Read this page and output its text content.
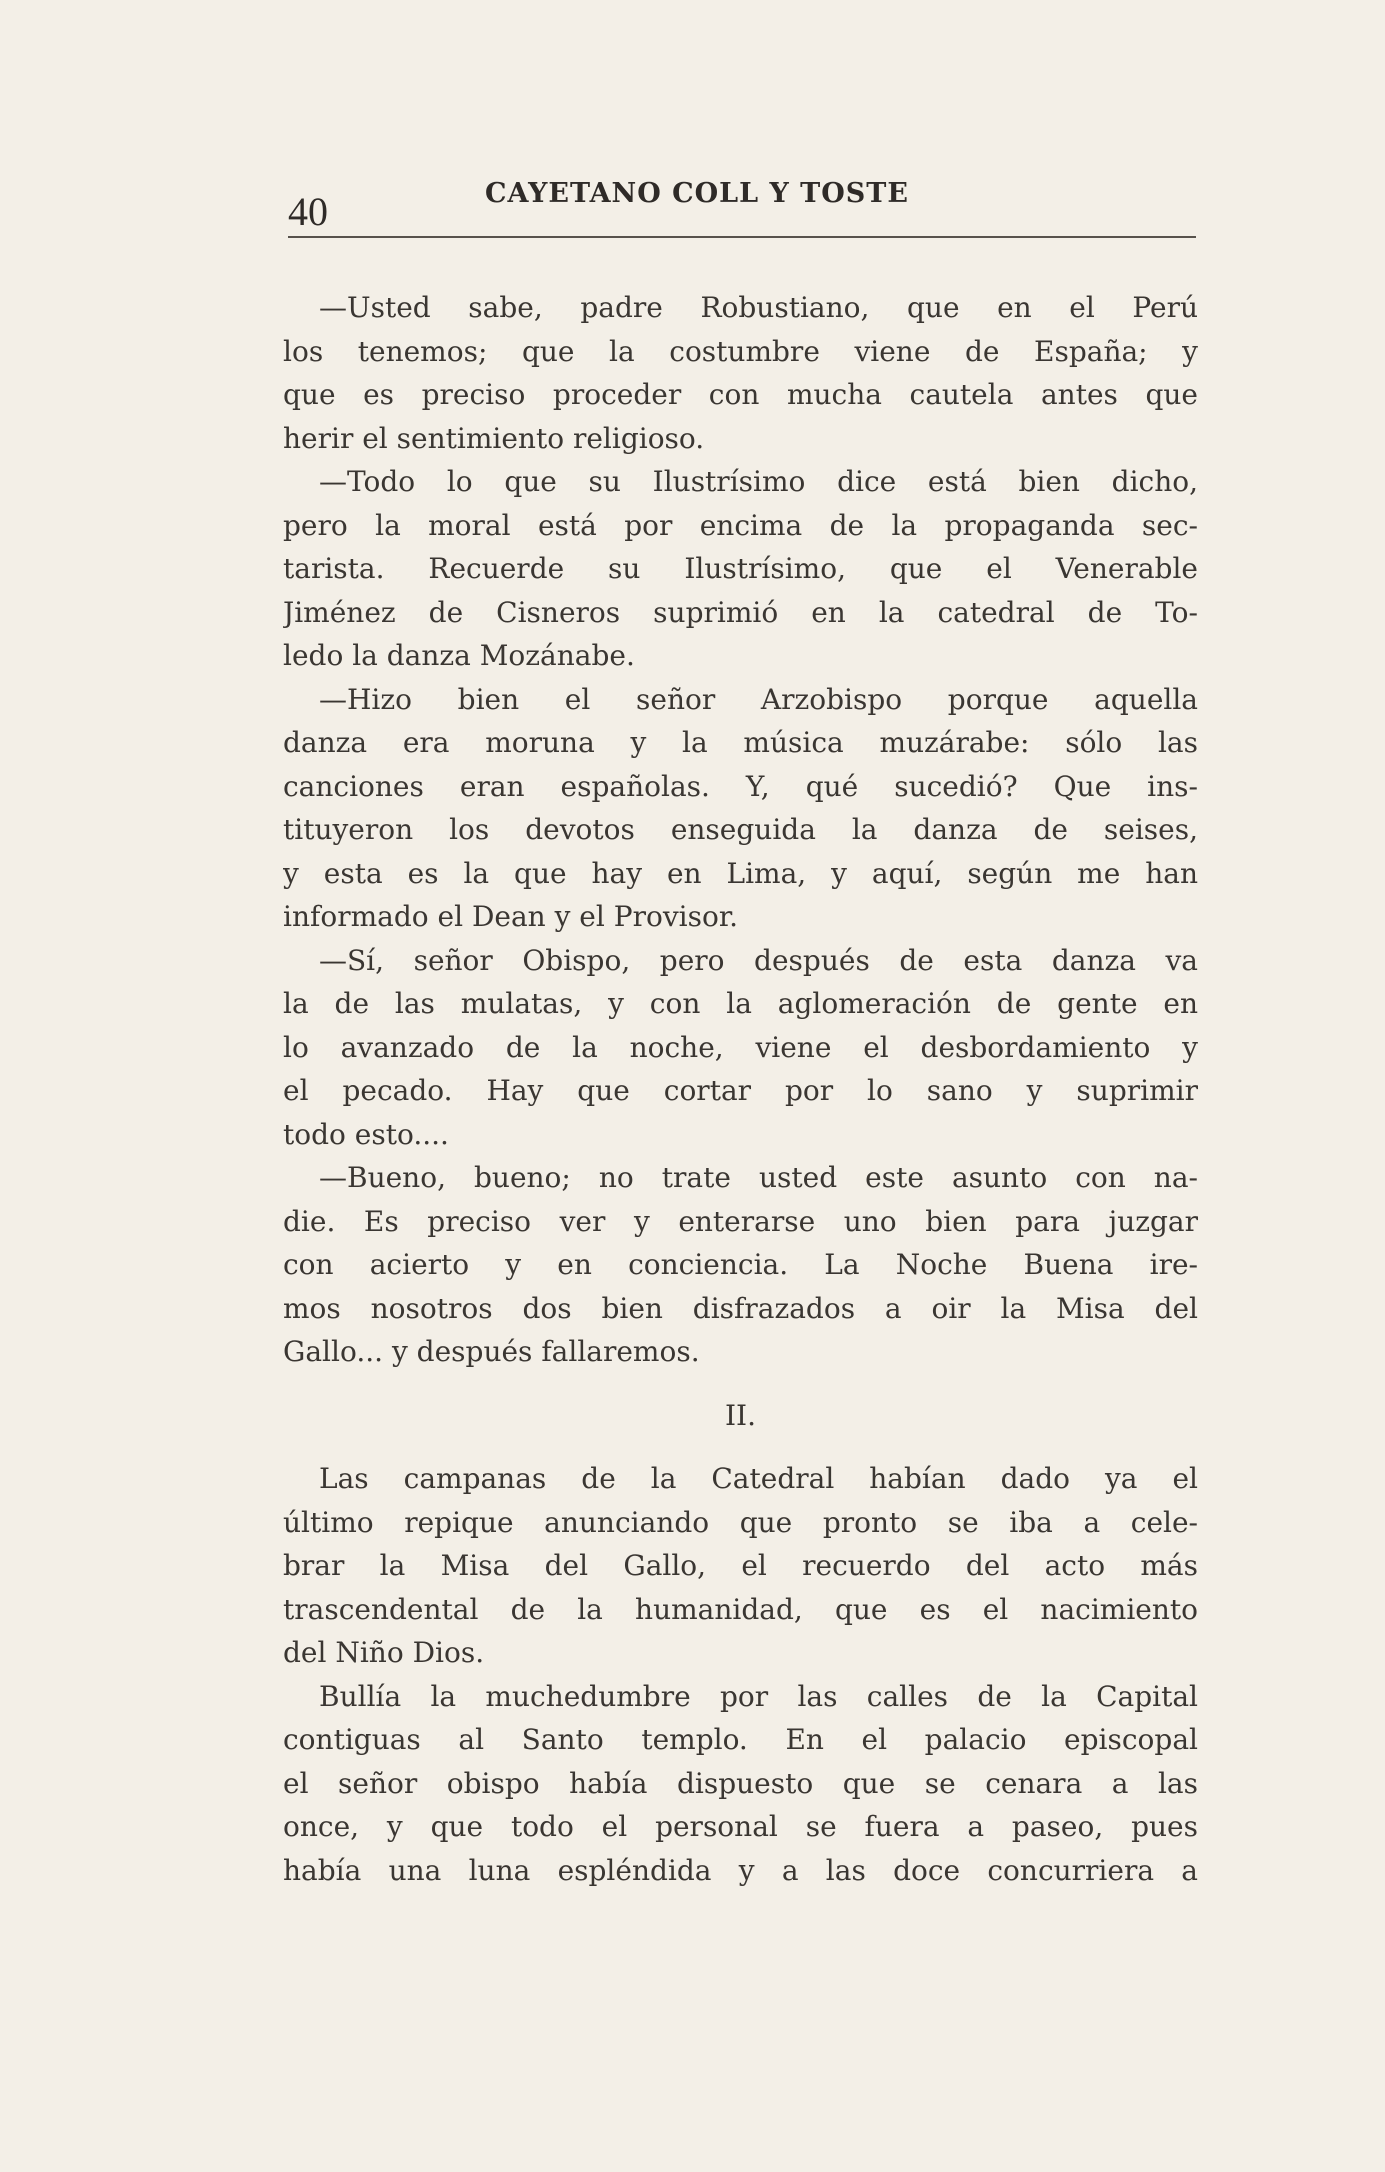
40	CAYETANO COLL Y TOSTE
—Usted sabe, padre Robustiano, que en el Perú
los tenemos; que la costumbre viene de España; y
que es preciso proceder con mucha cautela antes que
herir el sentimiento religioso.
—Todo lo que su Ilustrísimo dice está bien dicho,
pero la moral está por encima de la propaganda sec-
tarista. Recuerde su Ilustrísimo, que el Venerable
Jiménez de Cisneros suprimió en la catedral de To-
ledo la danza Mozánabe.
—Hizo bien el señor Arzobispo porque aquella
danza era moruna y la música muzárabe: sólo las
canciones eran españolas. Y, qué sucedió? Que ins-
tituyeron los devotos enseguida la danza de seises,
y esta es la que hay en Lima, y aquí, según me han
informado el Dean y el Provisor.
—Sí, señor Obispo, pero después de esta danza va
la de las mulatas, y con la aglomeración de gente en
lo avanzado de la noche, viene el desbordamiento y
el pecado. Hay que cortar por lo sano y suprimir
todo esto....
—Bueno, bueno; no trate usted este asunto con na-
die. Es preciso ver y enterarse uno bien para juzgar
con acierto y en conciencia. La Noche Buena ire-
mos nosotros dos bien disfrazados a oir la Misa del
Gallo... y después fallaremos.
II.
Las campanas de la Catedral habían dado ya el
último repique anunciando que pronto se iba a cele-
brar la Misa del Gallo, el recuerdo del acto más
trascendental de la humanidad, que es el nacimiento
del Niño Dios.
Bullía la muchedumbre por las calles de la Capital
contiguas al Santo templo. En el palacio episcopal
el señor obispo había dispuesto que se cenara a las
once, y que todo el personal se fuera a paseo, pues
había una luna espléndida y a las doce concurriera a
